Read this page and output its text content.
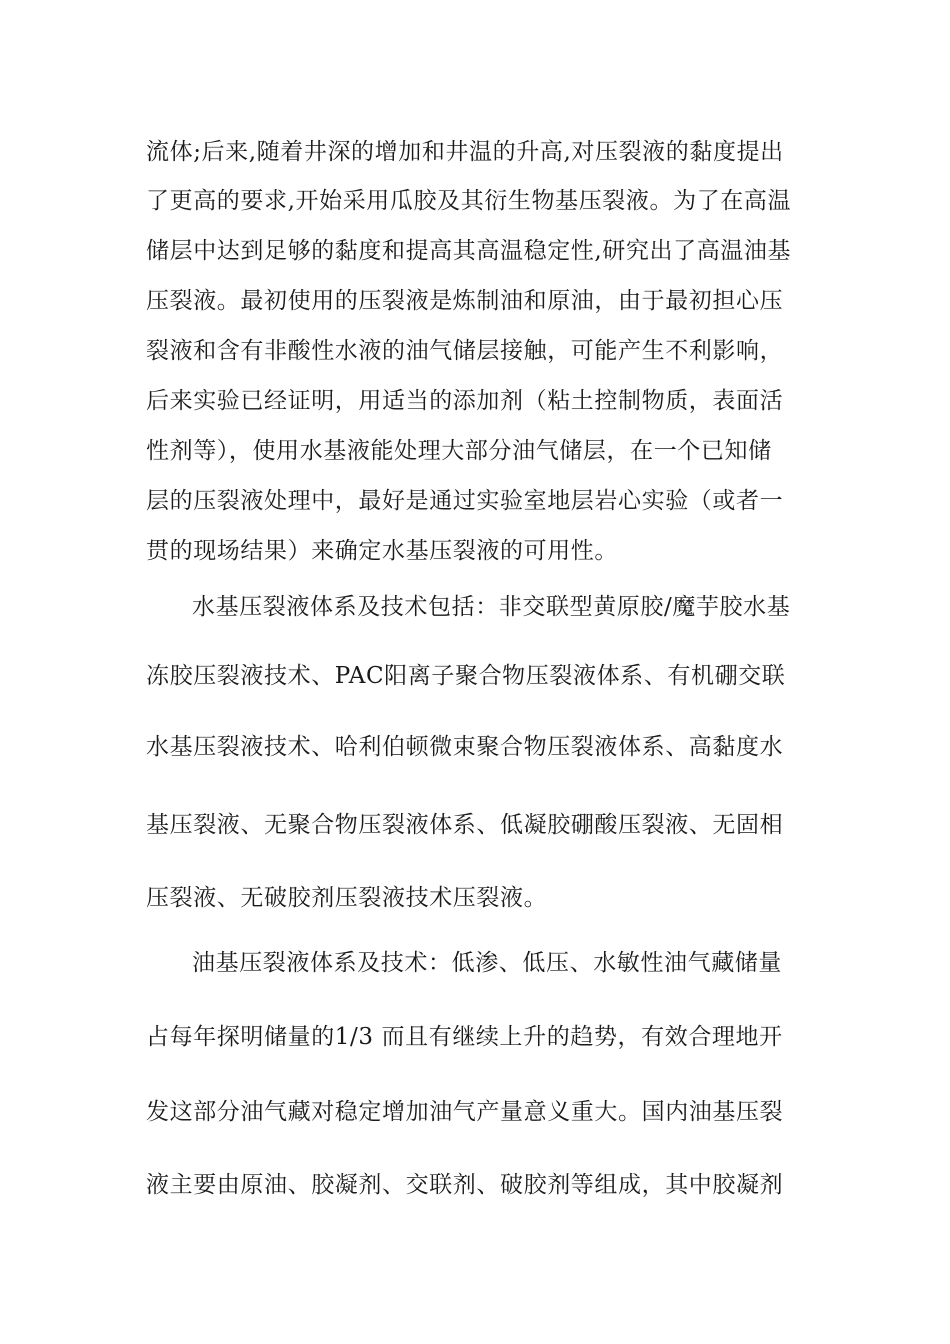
流体;后来,随着井深的增加和井温的升高,对压裂液的黏度提出
了更高的要求,开始采用瓜胶及其衍生物基压裂液。为了在高温
储层中达到足够的黏度和提高其高温稳定性,研究出了高温油基
压裂液。最初使用的压裂液是炼制油和原油，由于最初担心压
裂液和含有非酸性水液的油气储层接触，可能产生不利影响，
后来实验已经证明，用适当的添加剂（粘土控制物质，表面活
性剂等），使用水基液能处理大部分油气储层，在一个已知储
层的压裂液处理中，最好是通过实验室地层岩心实验（或者一
贯的现场结果）来确定水基压裂液的可用性。
水基压裂液体系及技术包括：非交联型黄原胶/魔芋胶水基
冻胶压裂液技术、PAC阳离子聚合物压裂液体系、有机硼交联
水基压裂液技术、哈利伯顿微束聚合物压裂液体系、高黏度水
基压裂液、无聚合物压裂液体系、低凝胶硼酸压裂液、无固相
压裂液、无破胶剂压裂液技术压裂液。
油基压裂液体系及技术：低渗、低压、水敏性油气藏储量
占每年探明储量的1/3 而且有继续上升的趋势，有效合理地开
发这部分油气藏对稳定增加油气产量意义重大。国内油基压裂
液主要由原油、胶凝剂、交联剂、破胶剂等组成，其中胶凝剂
